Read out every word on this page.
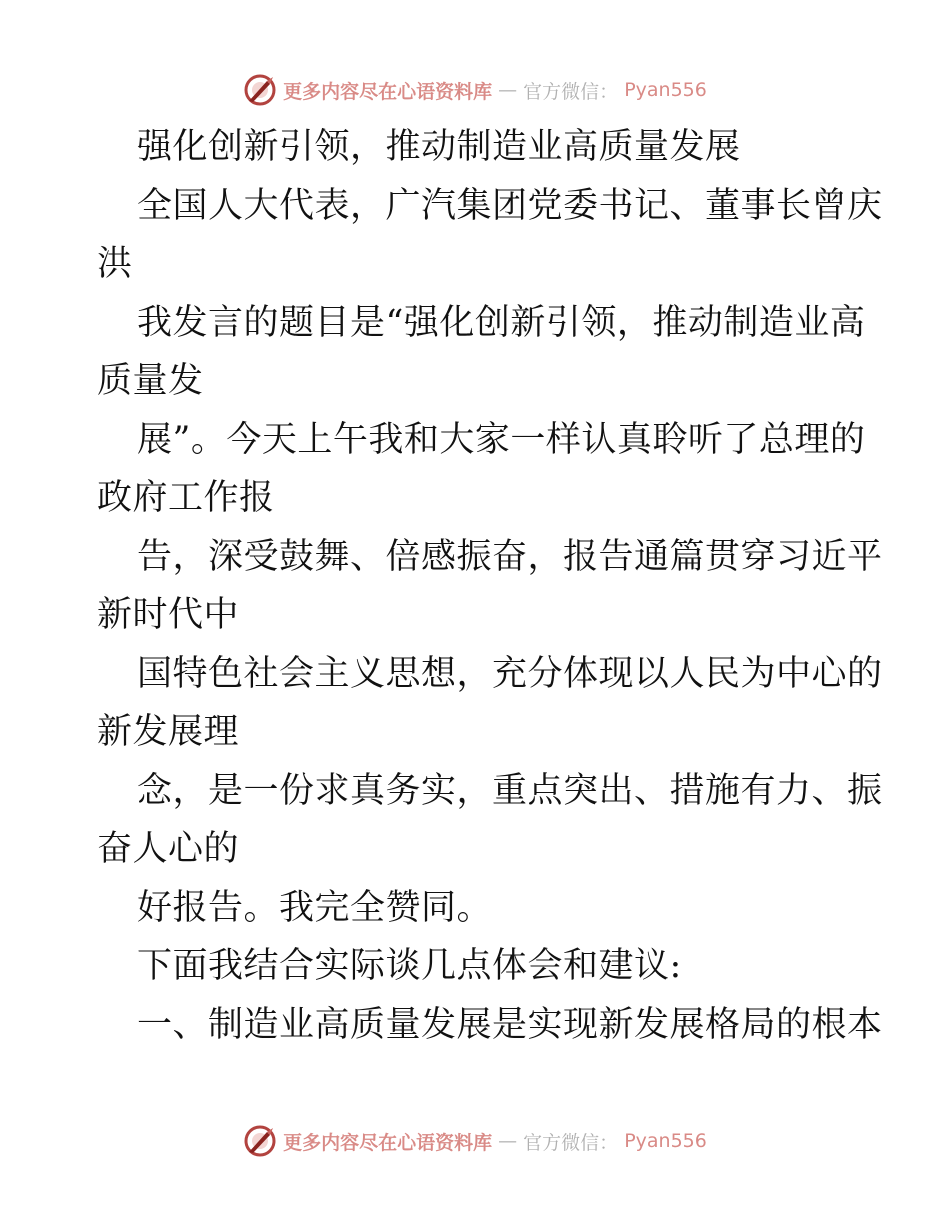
更多内容尽在心语资料库 — 官方微信： Pyan556
强化创新引领，推动制造业高质量发展
全国人大代表，广汽集团党委书记、董事长曾庆
洪
我发言的题目是“强化创新引领，推动制造业高
质量发
展”。今天上午我和大家一样认真聆听了总理的
政府工作报
告，深受鼓舞、倍感振奋，报告通篇贯穿习近平
新时代中
国特色社会主义思想，充分体现以人民为中心的
新发展理
念，是一份求真务实，重点突出、措施有力、振
奋人心的
好报告。我完全赞同。
下面我结合实际谈几点体会和建议:
一、制造业高质量发展是实现新发展格局的根本
更多内容尽在心语资料库 — 官方微信： Pyan556
